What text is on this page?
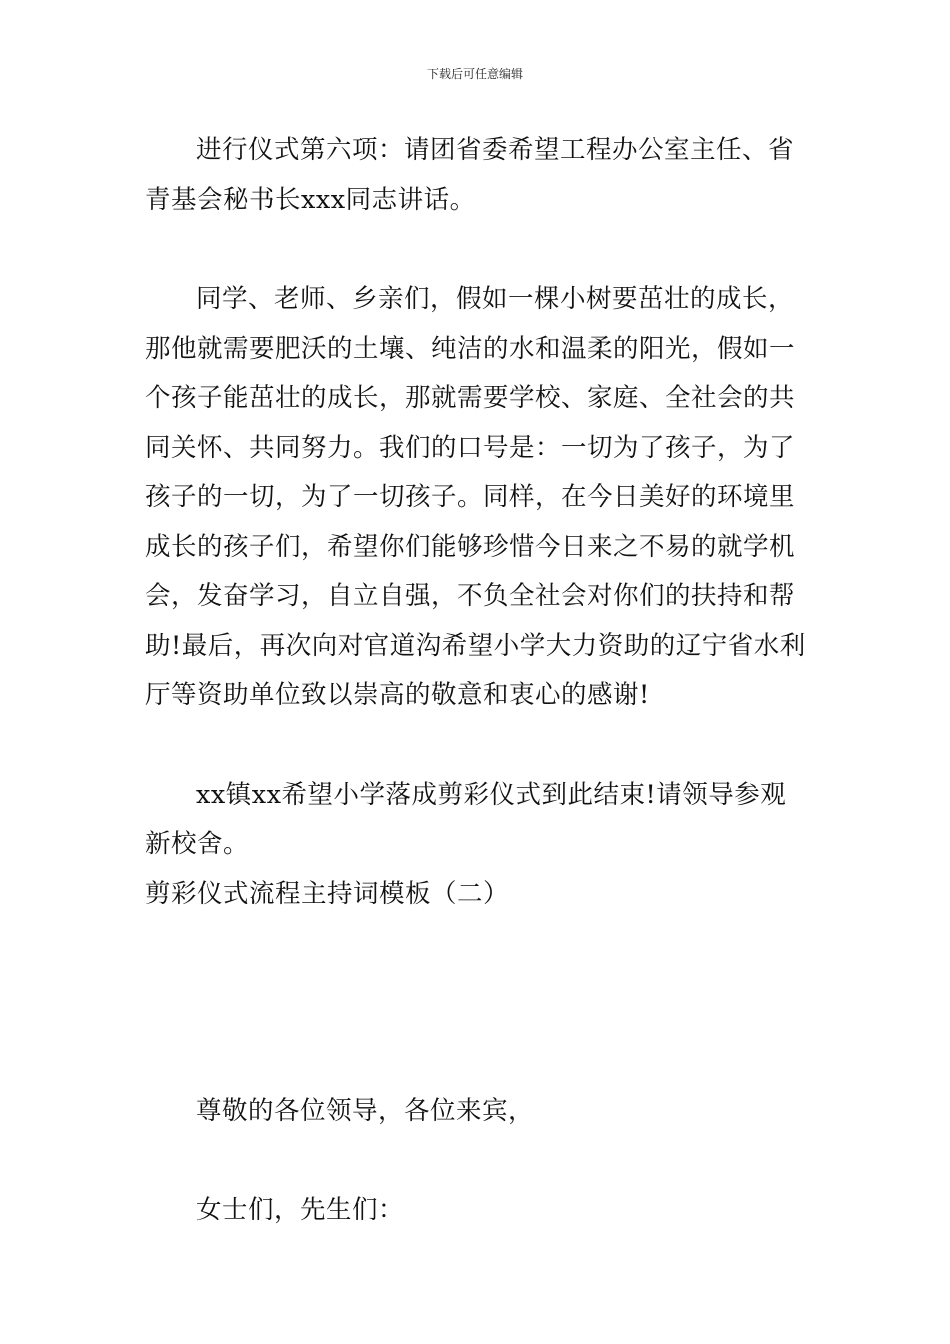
下载后可任意编辑

进行仪式第六项：请团省委希望工程办公室主任、省青基会秘书长xxx同志讲话。

同学、老师、乡亲们，假如一棵小树要茁壮的成长，那他就需要肥沃的土壤、纯洁的水和温柔的阳光，假如一个孩子能茁壮的成长，那就需要学校、家庭、全社会的共同关怀、共同努力。我们的口号是：一切为了孩子，为了孩子的一切，为了一切孩子。同样，在今日美好的环境里成长的孩子们，希望你们能够珍惜今日来之不易的就学机会，发奋学习，自立自强，不负全社会对你们的扶持和帮助!最后，再次向对官道沟希望小学大力资助的辽宁省水利厅等资助单位致以崇高的敬意和衷心的感谢!

xx镇xx希望小学落成剪彩仪式到此结束!请领导参观新校舍。

剪彩仪式流程主持词模板（二）

尊敬的各位领导，各位来宾，

女士们，先生们：
